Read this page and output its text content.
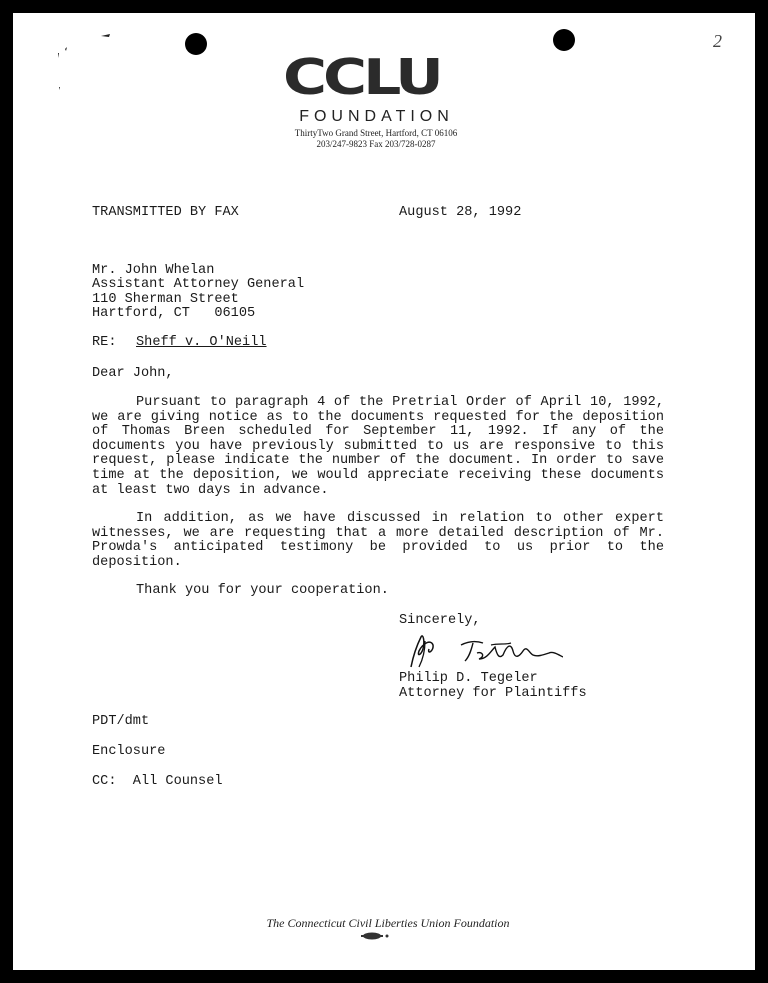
2
CCLU
FOUNDATION
ThirtyTwo Grand Street, Hartford, CT 06106
203/247-9823 Fax 203/728-0287
TRANSMITTED BY FAX	August 28, 1992
Mr. John Whelan
Assistant Attorney General
110 Sherman Street
Hartford, CT   06105
RE: Sheff v. O'Neill
Dear John,
Pursuant to paragraph 4 of the Pretrial Order of April 10, 1992, we are giving notice as to the documents requested for the deposition of Thomas Breen scheduled for September 11, 1992. If any of the documents you have previously submitted to us are responsive to this request, please indicate the number of the document. In order to save time at the deposition, we would appreciate receiving these documents at least two days in advance.
In addition, as we have discussed in relation to other expert witnesses, we are requesting that a more detailed description of Mr. Prowda's anticipated testimony be provided to us prior to the deposition.
Thank you for your cooperation.
Sincerely,
Philip D. Tegeler
Attorney for Plaintiffs
PDT/dmt
Enclosure
CC:  All Counsel
The Connecticut Civil Liberties Union Foundation
